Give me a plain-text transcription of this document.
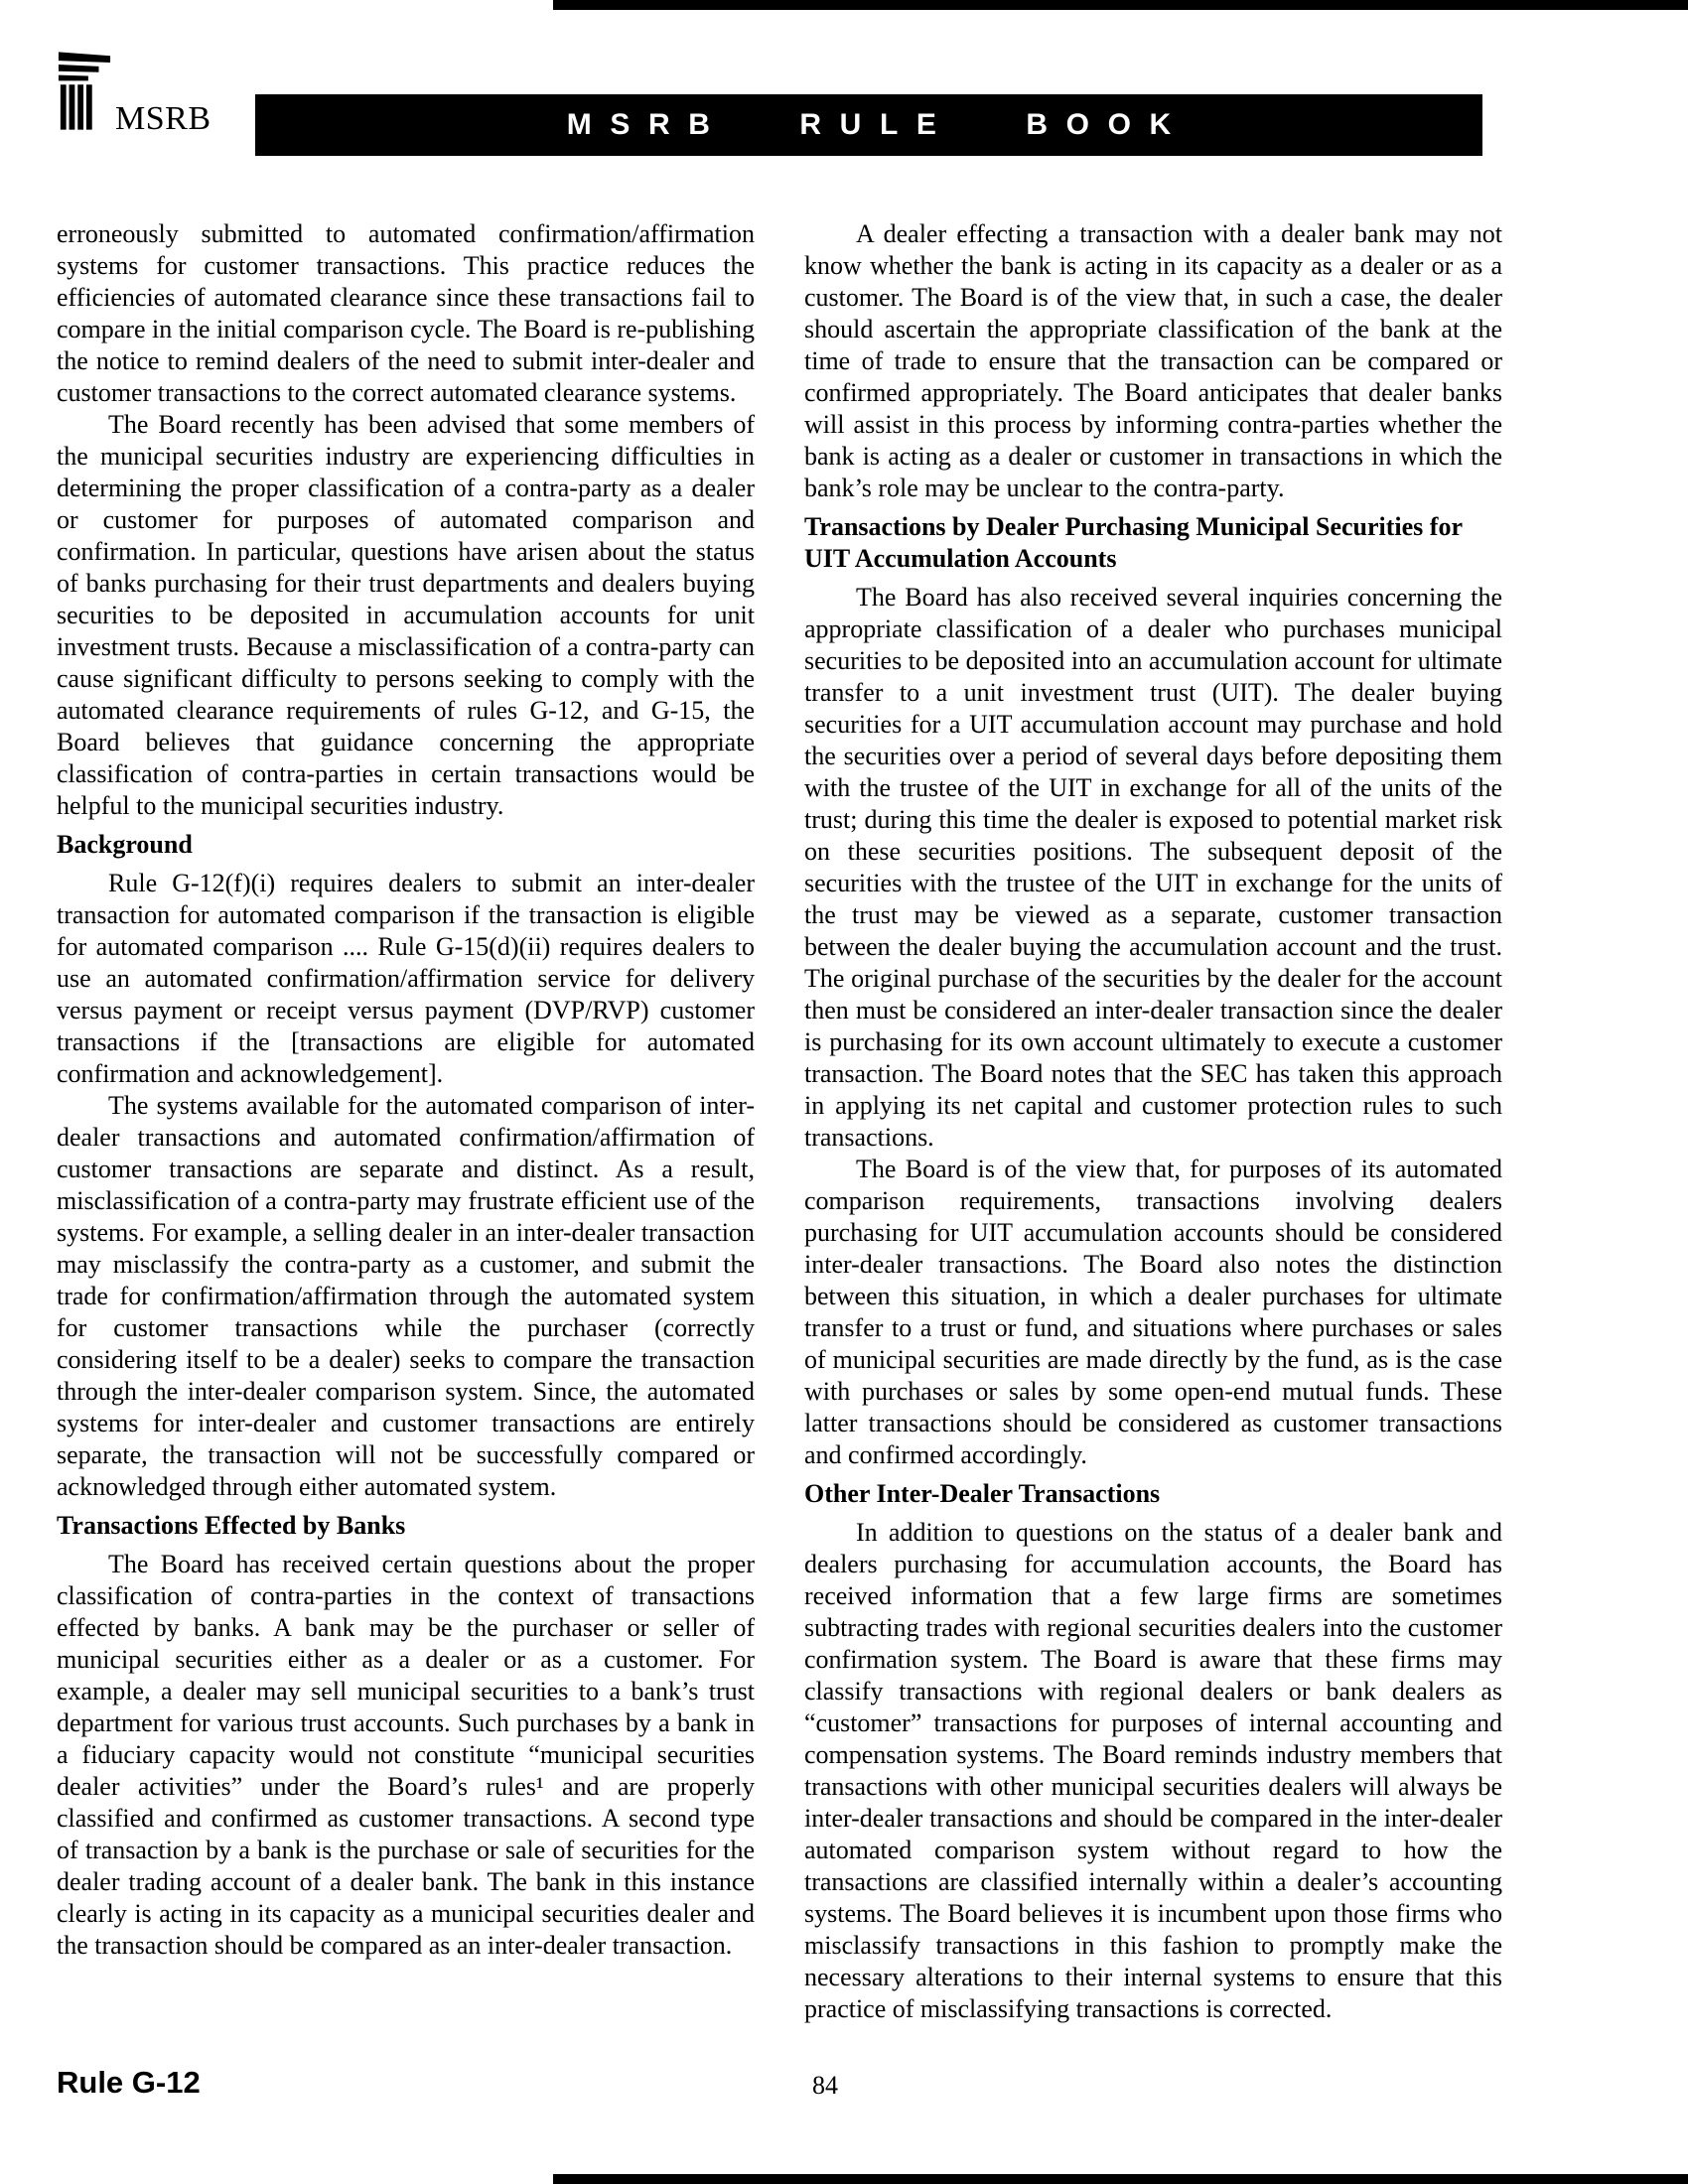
MSRB	MSRB RULE BOOK

erroneously submitted to automated confirmation/affirmation systems for customer transactions. This practice reduces the efficiencies of automated clearance since these transactions fail to compare in the initial comparison cycle. The Board is re-publishing the notice to remind dealers of the need to submit inter-dealer and customer transactions to the correct automated clearance systems.

The Board recently has been advised that some members of the municipal securities industry are experiencing difficulties in determining the proper classification of a contra-party as a dealer or customer for purposes of automated comparison and confirmation. In particular, questions have arisen about the status of banks purchasing for their trust departments and dealers buying securities to be deposited in accumulation accounts for unit investment trusts. Because a misclassification of a contra-party can cause significant difficulty to persons seeking to comply with the automated clearance requirements of rules G-12, and G-15, the Board believes that guidance concerning the appropriate classification of contra-parties in certain transactions would be helpful to the municipal securities industry.

Background

Rule G-12(f)(i) requires dealers to submit an inter-dealer transaction for automated comparison if the transaction is eligible for automated comparison .... Rule G-15(d)(ii) requires dealers to use an automated confirmation/affirmation service for delivery versus payment or receipt versus payment (DVP/RVP) customer transactions if the [transactions are eligible for automated confirmation and acknowledgement].

The systems available for the automated comparison of inter-dealer transactions and automated confirmation/affirmation of customer transactions are separate and distinct. As a result, misclassification of a contra-party may frustrate efficient use of the systems. For example, a selling dealer in an inter-dealer transaction may misclassify the contra-party as a customer, and submit the trade for confirmation/affirmation through the automated system for customer transactions while the purchaser (correctly considering itself to be a dealer) seeks to compare the transaction through the inter-dealer comparison system. Since, the automated systems for inter-dealer and customer transactions are entirely separate, the transaction will not be successfully compared or acknowledged through either automated system.

Transactions Effected by Banks

The Board has received certain questions about the proper classification of contra-parties in the context of transactions effected by banks. A bank may be the purchaser or seller of municipal securities either as a dealer or as a customer. For example, a dealer may sell municipal securities to a bank’s trust department for various trust accounts. Such purchases by a bank in a fiduciary capacity would not constitute “municipal securities dealer activities” under the Board’s rules¹ and are properly classified and confirmed as customer transactions. A second type of transaction by a bank is the purchase or sale of securities for the dealer trading account of a dealer bank. The bank in this instance clearly is acting in its capacity as a municipal securities dealer and the transaction should be compared as an inter-dealer transaction.

A dealer effecting a transaction with a dealer bank may not know whether the bank is acting in its capacity as a dealer or as a customer. The Board is of the view that, in such a case, the dealer should ascertain the appropriate classification of the bank at the time of trade to ensure that the transaction can be compared or confirmed appropriately. The Board anticipates that dealer banks will assist in this process by informing contra-parties whether the bank is acting as a dealer or customer in transactions in which the bank’s role may be unclear to the contra-party.

Transactions by Dealer Purchasing Municipal Securities for UIT Accumulation Accounts

The Board has also received several inquiries concerning the appropriate classification of a dealer who purchases municipal securities to be deposited into an accumulation account for ultimate transfer to a unit investment trust (UIT). The dealer buying securities for a UIT accumulation account may purchase and hold the securities over a period of several days before depositing them with the trustee of the UIT in exchange for all of the units of the trust; during this time the dealer is exposed to potential market risk on these securities positions. The subsequent deposit of the securities with the trustee of the UIT in exchange for the units of the trust may be viewed as a separate, customer transaction between the dealer buying the accumulation account and the trust. The original purchase of the securities by the dealer for the account then must be considered an inter-dealer transaction since the dealer is purchasing for its own account ultimately to execute a customer transaction. The Board notes that the SEC has taken this approach in applying its net capital and customer protection rules to such transactions.

The Board is of the view that, for purposes of its automated comparison requirements, transactions involving dealers purchasing for UIT accumulation accounts should be considered inter-dealer transactions. The Board also notes the distinction between this situation, in which a dealer purchases for ultimate transfer to a trust or fund, and situations where purchases or sales of municipal securities are made directly by the fund, as is the case with purchases or sales by some open-end mutual funds. These latter transactions should be considered as customer transactions and confirmed accordingly.

Other Inter-Dealer Transactions

In addition to questions on the status of a dealer bank and dealers purchasing for accumulation accounts, the Board has received information that a few large firms are sometimes subtracting trades with regional securities dealers into the customer confirmation system. The Board is aware that these firms may classify transactions with regional dealers or bank dealers as “customer” transactions for purposes of internal accounting and compensation systems. The Board reminds industry members that transactions with other municipal securities dealers will always be inter-dealer transactions and should be compared in the inter-dealer automated comparison system without regard to how the transactions are classified internally within a dealer’s accounting systems. The Board believes it is incumbent upon those firms who misclassify transactions in this fashion to promptly make the necessary alterations to their internal systems to ensure that this practice of misclassifying transactions is corrected.

Rule G-12	84
